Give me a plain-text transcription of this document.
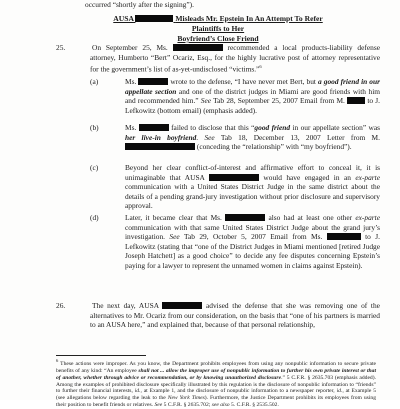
occurred “shortly after the signing”).
AUSA	Misleads Mr. Epstein In An Attempt To Refer Plaintiffs to Her
Boyfriend’s Close Friend
25.	On September 25, Ms.	recommended a local products-liability defense attorney, Humberto “Bert” Ocariz, Esq., for the highly lucrative post of attorney representative for the government’s list of as-yet-undisclosed “victims.”$^6$
(a)	Ms.	wrote to the defense, “I have never met Bert, but a good friend in our appellate section and one of the district judges in Miami are good friends with him and recommended him.” See Tab 28, September 25, 2007 Email from M.	to J. Lefkowitz (bottom email) (emphasis added).
(b)	Ms.	failed to disclose that this “good friend in our appellate section” was her live-in boyfriend. See Tab 18, December 13, 2007 Letter from M.  (conceding the “relationship” with “my boyfriend”).
(c)	Beyond her clear conflict-of-interest and affirmative effort to conceal it, it is unimaginable that AUSA	would have engaged in an ex-parte communication with a United States District Judge in the same district about the details of a pending grand-jury investigation without prior disclosure and supervisory approval.
(d)	Later, it became clear that Ms.	also had at least one other ex-parte communication with that same United States District Judge about the grand jury’s investigation. See Tab 29, October 5, 2007 Email from Ms.	to J. Lefkowitz (stating that “one of the District Judges in Miami mentioned [retired Judge Joseph Hatchett] as a good choice” to decide any fee disputes concerning Epstein’s paying for a lawyer to represent the unnamed women in claims against Epstein).
26.	The next day, AUSA	advised the defense that she was removing one of the alternatives to Mr. Ocariz from our consideration, on the basis that “one of his partners is married to an AUSA here,” and explained that, because of that personal relationship,
$^6$ These actions were improper. As you know, the Department prohibits employees from using any nonpublic information to secure private benefits of any kind: “An employee shall not ... allow the improper use of nonpublic information to further his own private interest or that of another, whether through advice or recommendation, or by knowing unauthorized disclosure.” 5 C.F.R. § 2635.703 (emphasis added). Among the examples of prohibited disclosure specifically illustrated by this regulation is the disclosure of nonpublic information to “friends” to further their financial interests, id., at Example 1, and the disclosure of nonpublic information to a newspaper reporter, id., at Example 5 (see allegations below regarding the leak to the New York Times). Furthermore, the Justice Department prohibits its employees from using their position to benefit friends or relatives. See 5 C.F.R. § 2635.702; see also 5. C.F.R. § 2535.502.
